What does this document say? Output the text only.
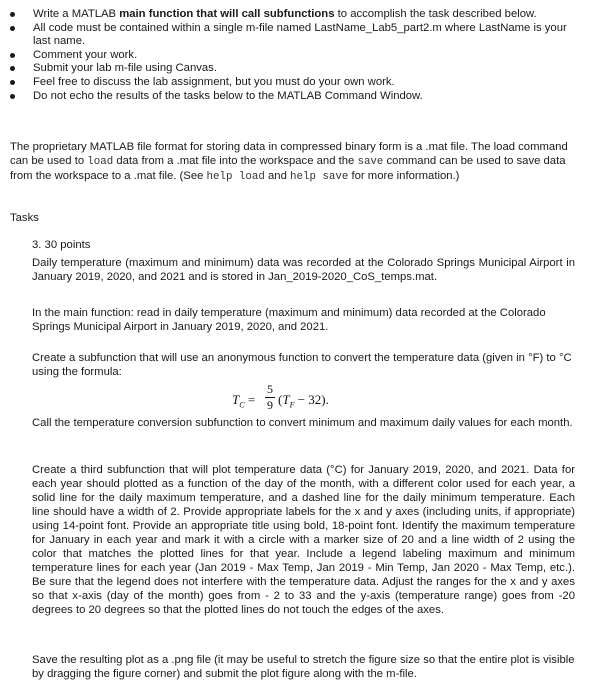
Write a MATLAB main function that will call subfunctions to accomplish the task described below.
All code must be contained within a single m-file named LastName_Lab5_part2.m where LastName is your last name.
Comment your work.
Submit your lab m-file using Canvas.
Feel free to discuss the lab assignment, but you must do your own work.
Do not echo the results of the tasks below to the MATLAB Command Window.

The proprietary MATLAB file format for storing data in compressed binary form is a .mat file. The load command can be used to load data from a .mat file into the workspace and the save command can be used to save data from the workspace to a .mat file. (See help load and help save for more information.)

Tasks

3. 30 points

Daily temperature (maximum and minimum) data was recorded at the Colorado Springs Municipal Airport in January 2019, 2020, and 2021 and is stored in Jan_2019-2020_CoS_temps.mat.

In the main function: read in daily temperature (maximum and minimum) data recorded at the Colorado Springs Municipal Airport in January 2019, 2020, and 2021.

Create a subfunction that will use an anonymous function to convert the temperature data (given in °F) to °C using the formula:

$T_C$ =
5
9 $(T_F - 32)$.

Call the temperature conversion subfunction to convert minimum and maximum daily values for each month.

Create a third subfunction that will plot temperature data (°C) for January 2019, 2020, and 2021. Data for each year should plotted as a function of the day of the month, with a different color used for each year, a solid line for the daily maximum temperature, and a dashed line for the daily minimum temperature. Each line should have a width of 2. Provide appropriate labels for the x and y axes (including units, if appropriate) using 14-point font. Provide an appropriate title using bold, 18-point font. Identify the maximum temperature for January in each year and mark it with a circle with a marker size of 20 and a line width of 2 using the color that matches the plotted lines for that year. Include a legend labeling maximum and minimum temperature lines for each year (Jan 2019 - Max Temp, Jan 2019 - Min Temp, Jan 2020 - Max Temp, etc.). Be sure that the legend does not interfere with the temperature data. Adjust the ranges for the x and y axes so that x-axis (day of the month) goes from - 2 to 33 and the y-axis (temperature range) goes from -20 degrees to 20 degrees so that the plotted lines do not touch the edges of the axes.

Save the resulting plot as a .png file (it may be useful to stretch the figure size so that the entire plot is visible by dragging the figure corner) and submit the plot figure along with the m-file.
